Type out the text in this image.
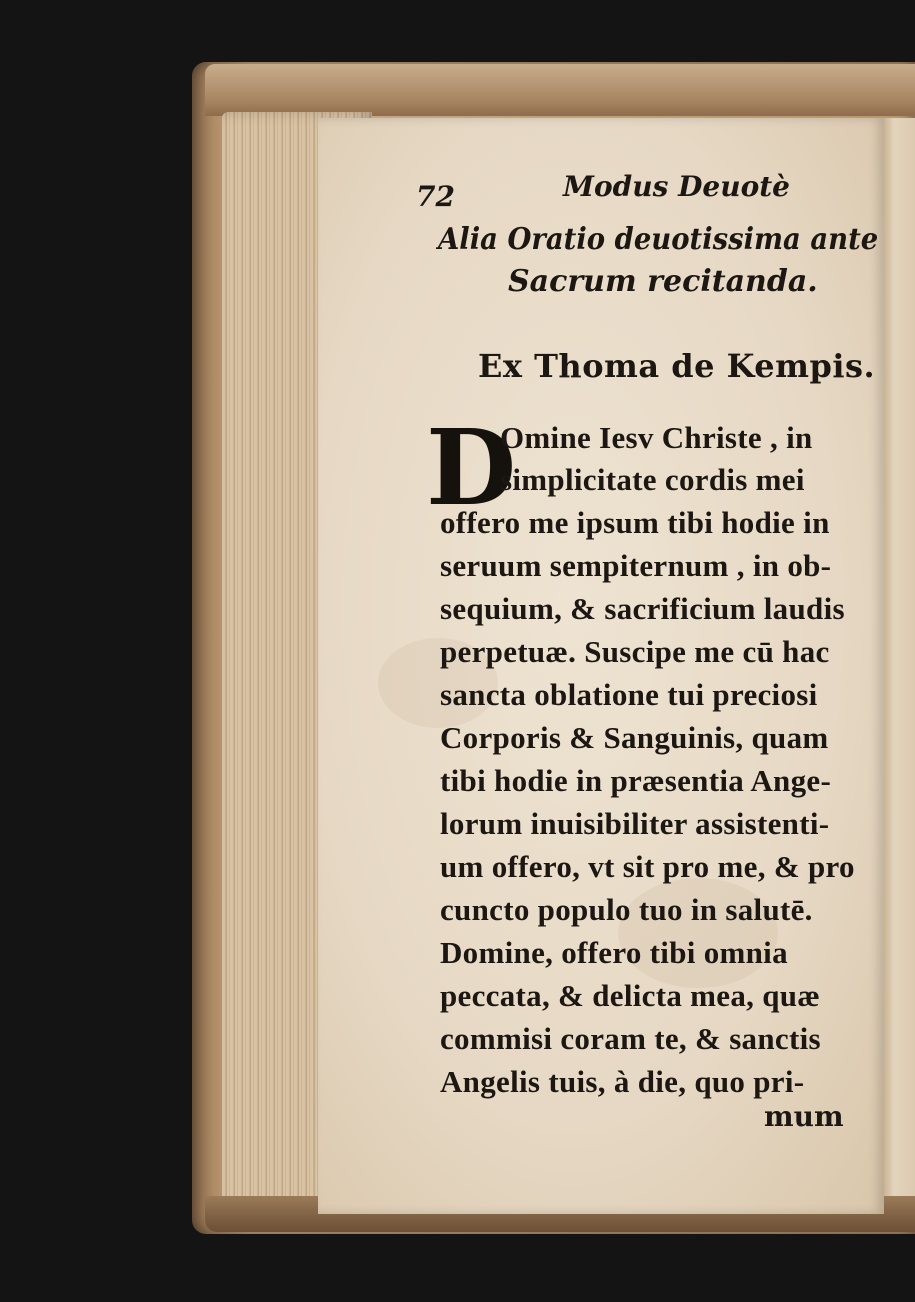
72	Modus Deuotè
Alia Oratio deuotissima ante
Sacrum recitanda.
Ex Thoma de Kempis.
D
Omine Iesv Christe , in
simplicitate cordis mei
offero me ipsum tibi hodie in
seruum sempiternum , in ob-
sequium, & sacrificium laudis
perpetuæ. Suscipe me cū hac
sancta oblatione tui preciosi
Corporis & Sanguinis, quam
tibi hodie in præsentia Ange-
lorum inuisibiliter assistenti-
um offero, vt sit pro me, & pro
cuncto populo tuo in salutē.
Domine, offero tibi omnia
peccata, & delicta mea, quæ
commisi coram te, & sanctis
Angelis tuis, à die, quo pri-
mum
